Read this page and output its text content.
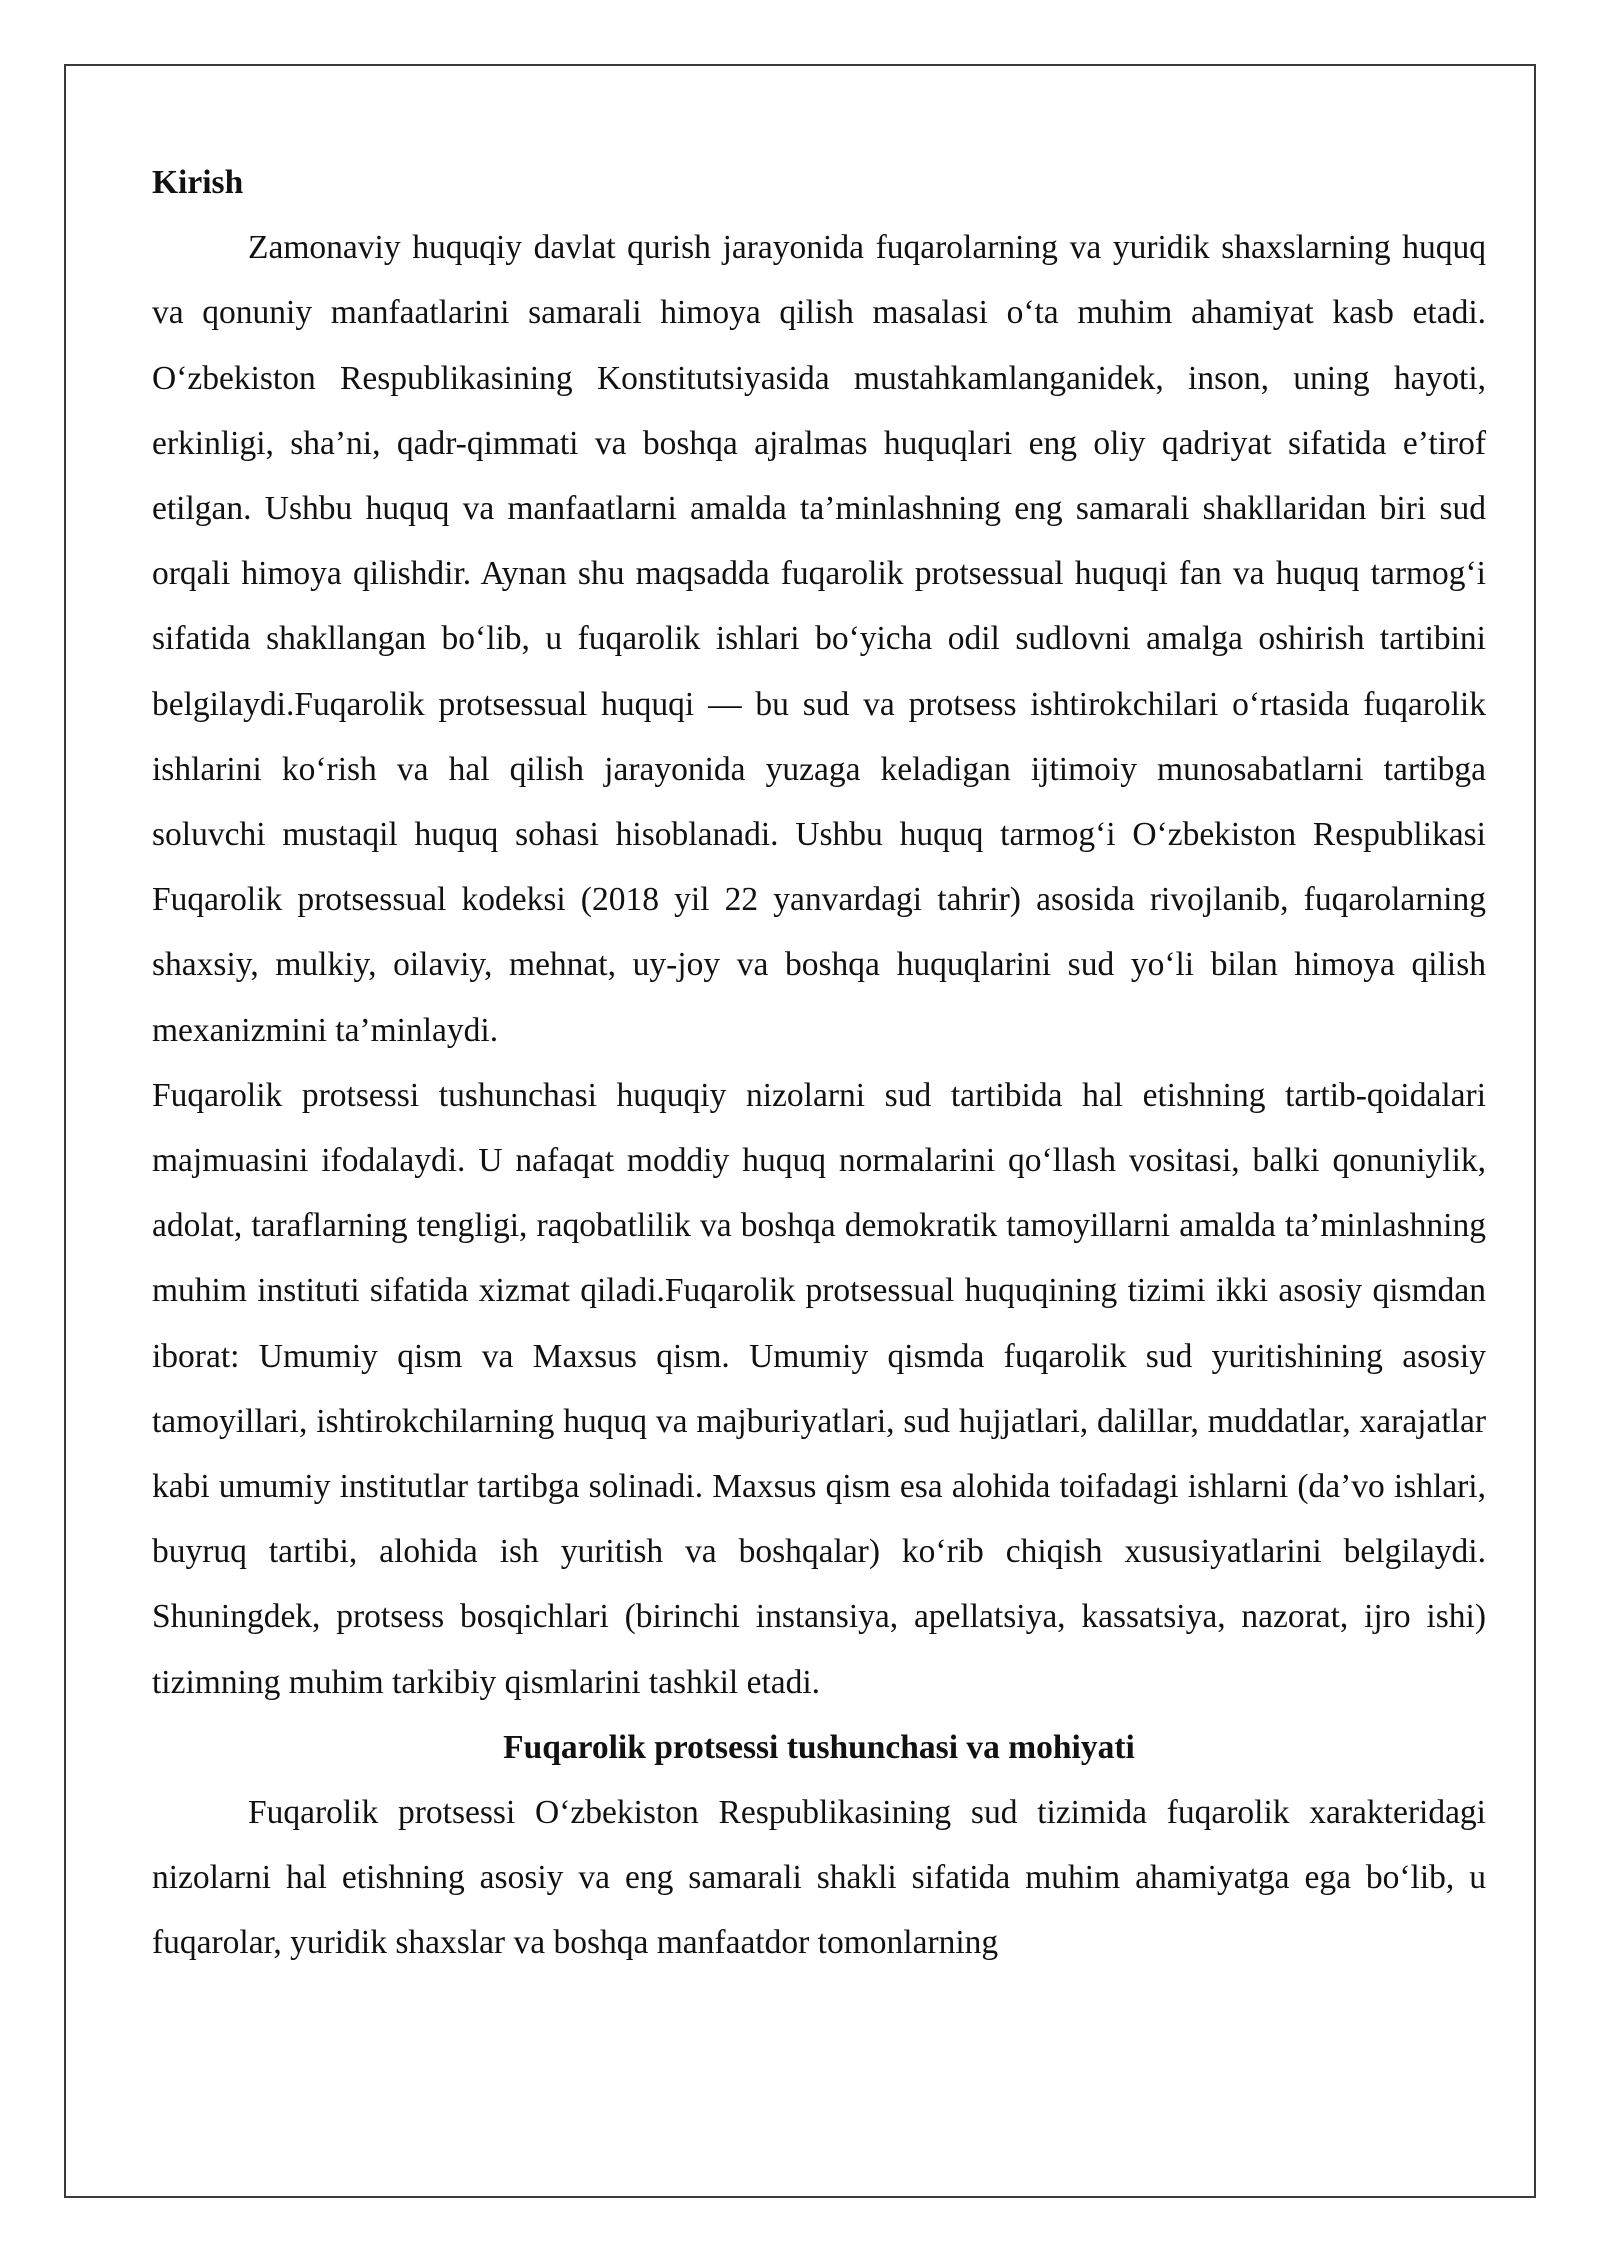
Kirish

Zamonaviy huquqiy davlat qurish jarayonida fuqarolarning va yuridik shaxslarning huquq va qonuniy manfaatlarini samarali himoya qilish masalasi o‘ta muhim ahamiyat kasb etadi. O‘zbekiston Respublikasining Konstitutsiyasida mustahkamlanganidek, inson, uning hayoti, erkinligi, sha’ni, qadr-qimmati va boshqa ajralmas huquqlari eng oliy qadriyat sifatida e’tirof etilgan. Ushbu huquq va manfaatlarni amalda ta’minlashning eng samarali shakllaridan biri sud orqali himoya qilishdir. Aynan shu maqsadda fuqarolik protsessual huquqi fan va huquq tarmog‘i sifatida shakllangan bo‘lib, u fuqarolik ishlari bo‘yicha odil sudlovni amalga oshirish tartibini belgilaydi.Fuqarolik protsessual huquqi — bu sud va protsess ishtirokchilari o‘rtasida fuqarolik ishlarini ko‘rish va hal qilish jarayonida yuzaga keladigan ijtimoiy munosabatlarni tartibga soluvchi mustaqil huquq sohasi hisoblanadi. Ushbu huquq tarmog‘i O‘zbekiston Respublikasi Fuqarolik protsessual kodeksi (2018 yil 22 yanvardagi tahrir) asosida rivojlanib, fuqarolarning shaxsiy, mulkiy, oilaviy, mehnat, uy-joy va boshqa huquqlarini sud yo‘li bilan himoya qilish mexanizmini ta’minlaydi.

Fuqarolik protsessi tushunchasi huquqiy nizolarni sud tartibida hal etishning tartib-qoidalari majmuasini ifodalaydi. U nafaqat moddiy huquq normalarini qo‘llash vositasi, balki qonuniylik, adolat, taraflarning tengligi, raqobatlilik va boshqa demokratik tamoyillarni amalda ta’minlashning muhim instituti sifatida xizmat qiladi.Fuqarolik protsessual huquqining tizimi ikki asosiy qismdan iborat: Umumiy qism va Maxsus qism. Umumiy qismda fuqarolik sud yuritishining asosiy tamoyillari, ishtirokchilarning huquq va majburiyatlari, sud hujjatlari, dalillar, muddatlar, xarajatlar kabi umumiy institutlar tartibga solinadi. Maxsus qism esa alohida toifadagi ishlarni (da’vo ishlari, buyruq tartibi, alohida ish yuritish va boshqalar) ko‘rib chiqish xususiyatlarini belgilaydi. Shuningdek, protsess bosqichlari (birinchi instansiya, apellatsiya, kassatsiya, nazorat, ijro ishi) tizimning muhim tarkibiy qismlarini tashkil etadi.

Fuqarolik protsessi tushunchasi va mohiyati

Fuqarolik protsessi O‘zbekiston Respublikasining sud tizimida fuqarolik xarakteridagi nizolarni hal etishning asosiy va eng samarali shakli sifatida muhim ahamiyatga ega bo‘lib, u fuqarolar, yuridik shaxslar va boshqa manfaatdor tomonlarning
